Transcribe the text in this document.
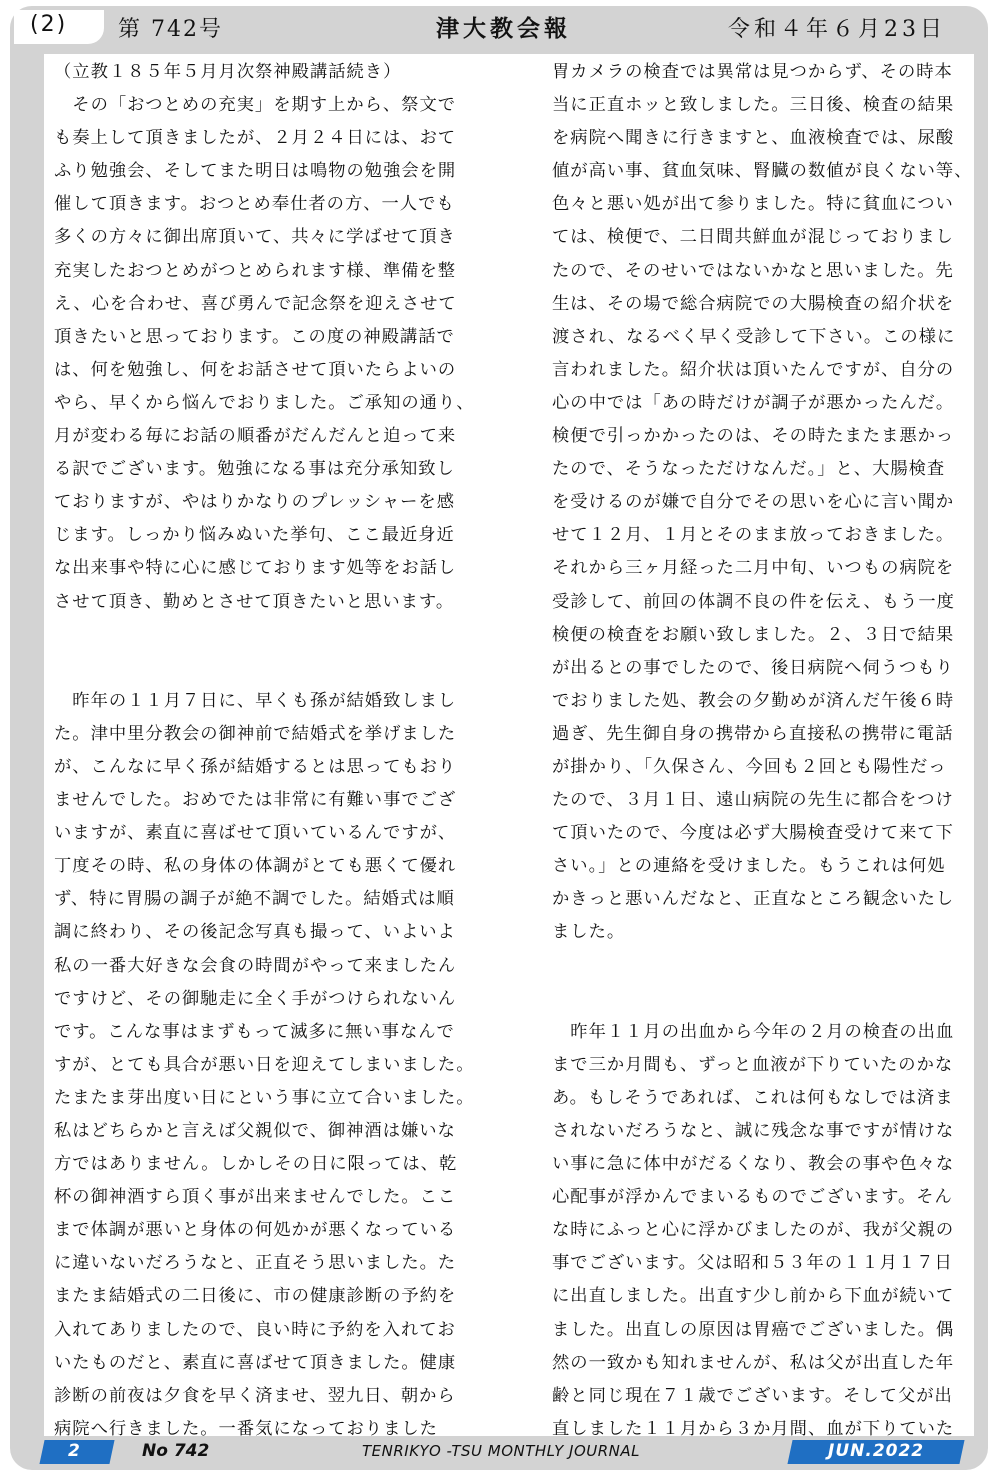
(2) 第 742号	津大教会報	令和４年６月23日
（立教１８５年５月月次祭神殿講話続き）
　その「おつとめの充実」を期す上から、祭文で
も奏上して頂きましたが、２月２４日には、おて
ふり勉強会、そしてまた明日は鳴物の勉強会を開
催して頂きます。おつとめ奉仕者の方、一人でも
多くの方々に御出席頂いて、共々に学ばせて頂き
充実したおつとめがつとめられます様、準備を整
え、心を合わせ、喜び勇んで記念祭を迎えさせて
頂きたいと思っております。この度の神殿講話で
は、何を勉強し、何をお話させて頂いたらよいの
やら、早くから悩んでおりました。ご承知の通り、
月が変わる毎にお話の順番がだんだんと迫って来
る訳でございます。勉強になる事は充分承知致し
ておりますが、やはりかなりのプレッシャーを感
じます。しっかり悩みぬいた挙句、ここ最近身近
な出来事や特に心に感じております処等をお話し
させて頂き、勤めとさせて頂きたいと思います。
　昨年の１１月７日に、早くも孫が結婚致しまし
た。津中里分教会の御神前で結婚式を挙げました
が、こんなに早く孫が結婚するとは思ってもおり
ませんでした。おめでたは非常に有難い事でござ
いますが、素直に喜ばせて頂いているんですが、
丁度その時、私の身体の体調がとても悪くて優れ
ず、特に胃腸の調子が絶不調でした。結婚式は順
調に終わり、その後記念写真も撮って、いよいよ
私の一番大好きな会食の時間がやって来ましたん
ですけど、その御馳走に全く手がつけられないん
です。こんな事はまずもって滅多に無い事なんで
すが、とても具合が悪い日を迎えてしまいました。
たまたま芽出度い日にという事に立て合いました。
私はどちらかと言えば父親似で、御神酒は嫌いな
方ではありません。しかしその日に限っては、乾
杯の御神酒すら頂く事が出来ませんでした。ここ
まで体調が悪いと身体の何処かが悪くなっている
に違いないだろうなと、正直そう思いました。た
またま結婚式の二日後に、市の健康診断の予約を
入れてありましたので、良い時に予約を入れてお
いたものだと、素直に喜ばせて頂きました。健康
診断の前夜は夕食を早く済ませ、翌九日、朝から
病院へ行きました。一番気になっておりました
胃カメラの検査では異常は見つからず、その時本
当に正直ホッと致しました。三日後、検査の結果
を病院へ聞きに行きますと、血液検査では、尿酸
値が高い事、貧血気味、腎臓の数値が良くない等、
色々と悪い処が出て参りました。特に貧血につい
ては、検便で、二日間共鮮血が混じっておりまし
たので、そのせいではないかなと思いました。先
生は、その場で総合病院での大腸検査の紹介状を
渡され、なるべく早く受診して下さい。この様に
言われました。紹介状は頂いたんですが、自分の
心の中では「あの時だけが調子が悪かったんだ。
検便で引っかかったのは、その時たまたま悪かっ
たので、そうなっただけなんだ。」と、大腸検査
を受けるのが嫌で自分でその思いを心に言い聞か
せて１２月、１月とそのまま放っておきました。
それから三ヶ月経った二月中旬、いつもの病院を
受診して、前回の体調不良の件を伝え、もう一度
検便の検査をお願い致しました。２、３日で結果
が出るとの事でしたので、後日病院へ伺うつもり
でおりました処、教会の夕勤めが済んだ午後６時
過ぎ、先生御自身の携帯から直接私の携帯に電話
が掛かり、「久保さん、今回も２回とも陽性だっ
たので、３月１日、遠山病院の先生に都合をつけ
て頂いたので、今度は必ず大腸検査受けて来て下
さい。」との連絡を受けました。もうこれは何処
かきっと悪いんだなと、正直なところ観念いたし
ました。
　昨年１１月の出血から今年の２月の検査の出血
まで三か月間も、ずっと血液が下りていたのかな
あ。もしそうであれば、これは何もなしでは済ま
されないだろうなと、誠に残念な事ですが情けな
い事に急に体中がだるくなり、教会の事や色々な
心配事が浮かんでまいるものでございます。そん
な時にふっと心に浮かびましたのが、我が父親の
事でございます。父は昭和５３年の１１月１７日
に出直しました。出直す少し前から下血が続いて
ました。出直しの原因は胃癌でございました。偶
然の一致かも知れませんが、私は父が出直した年
齢と同じ現在７１歳でございます。そして父が出
直しました１１月から３か月間、血が下りていた
2	No 742	TENRIKYO -TSU MONTHLY JOURNAL	JUN.2022
